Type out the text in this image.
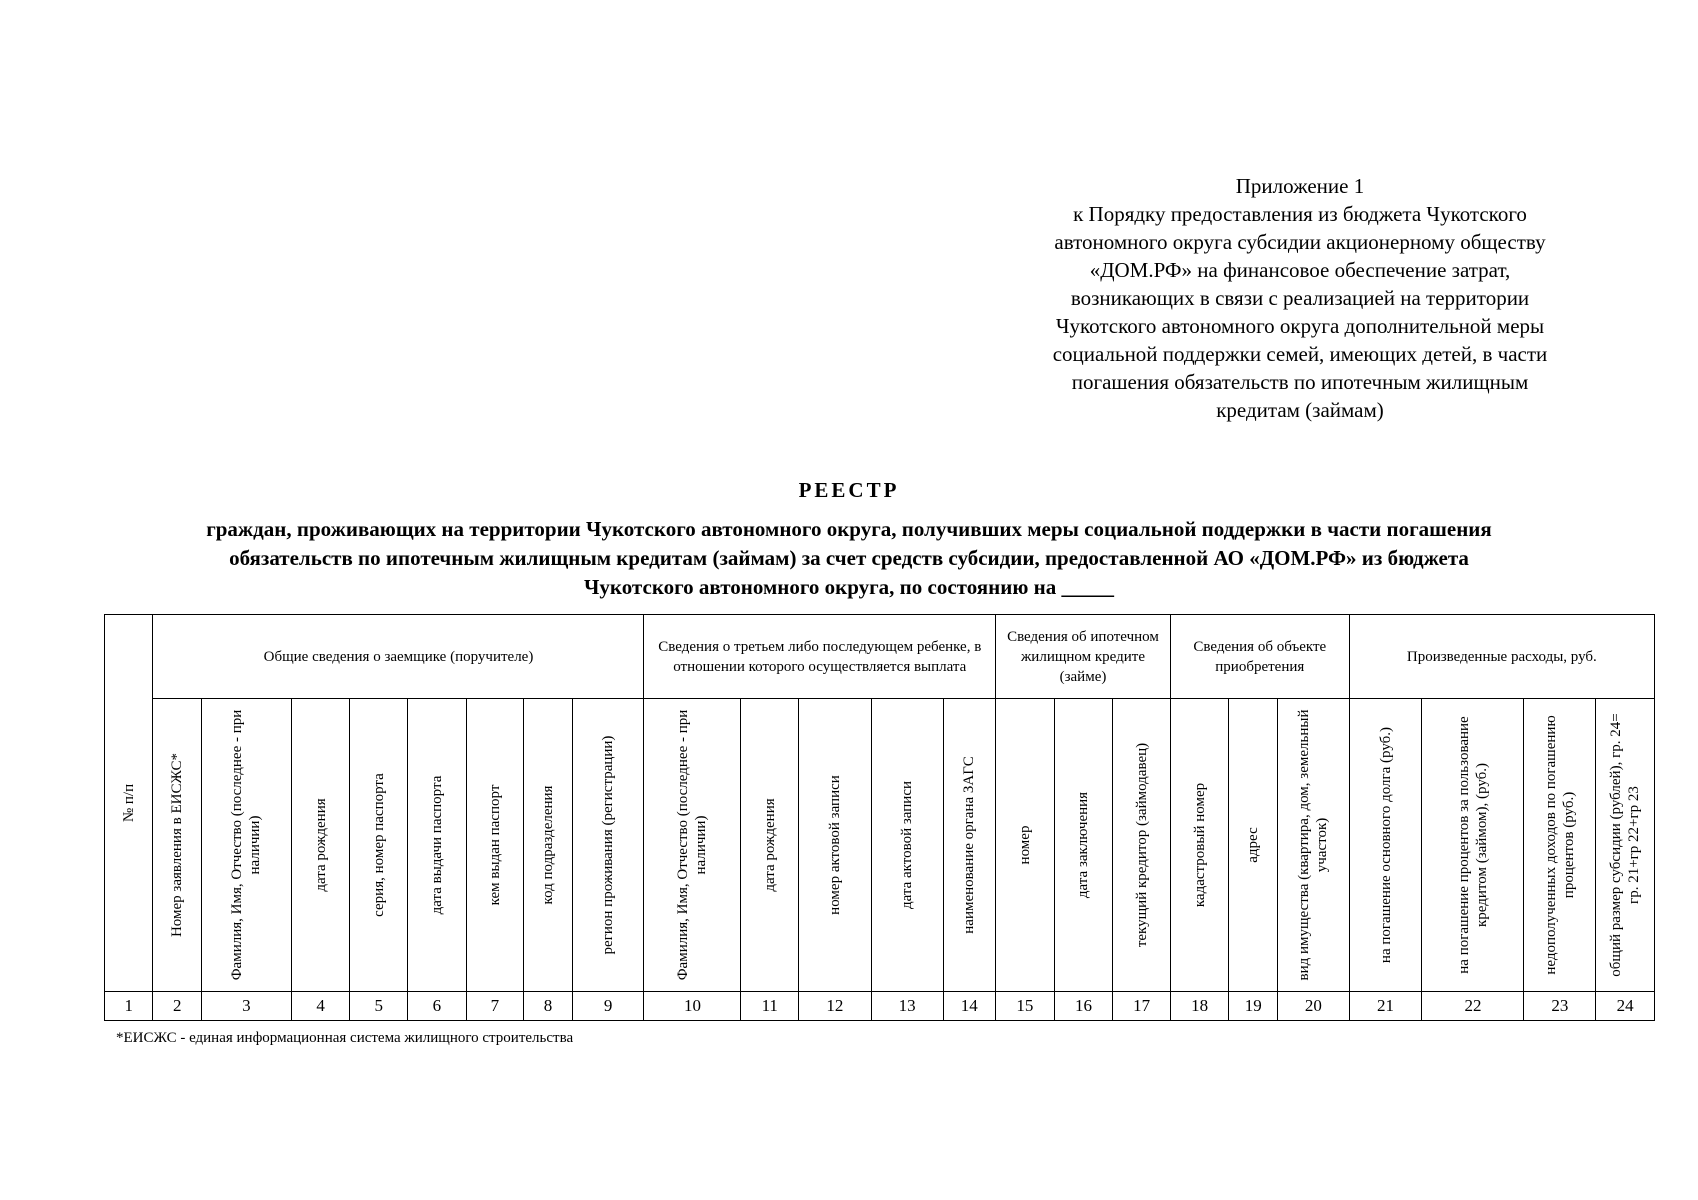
Приложение 1
к Порядку предоставления из бюджета Чукотского
автономного округа субсидии акционерному обществу
«ДОМ.РФ» на финансовое обеспечение затрат,
возникающих в связи с реализацией на территории
Чукотского автономного округа дополнительной меры
социальной поддержки семей, имеющих детей, в части
погашения обязательств по ипотечным жилищным
кредитам (займам)
РЕЕСТР
граждан, проживающих на территории Чукотского автономного округа, получивших меры социальной поддержки в части погашения
обязательств по ипотечным жилищным кредитам (займам) за счет средств субсидии, предоставленной АО «ДОМ.РФ» из бюджета
Чукотского автономного округа, по состоянию на _____
№ п/п	Общие сведения о заемщике (поручителе)								Сведения о третьем либо последующем ребенке, в отношении которого осуществляется выплата					Сведения об ипотечном жилищном кредите (займе)			Сведения об объекте приобретения			Произведенные расходы, руб.			

	Номер заявления в ЕИСЖС*	Фамилия, Имя, Отчество (последнее - при наличии)	дата рождения	серия, номер паспорта	дата выдачи паспорта	кем выдан паспорт	код подразделения	регион проживания (регистрации)	Фамилия, Имя, Отчество (последнее - при наличии)	дата рождения	номер актовой записи	дата актовой записи	наименование органа ЗАГС	номер	дата заключения	текущий кредитор (займодавец)	кадастровый номер	адрес	вид имущества (квартира, дом, земельный участок)	на погашение основного долга (руб.)	на погашение процентов за пользование кредитом (займом), (руб.)	недополученных доходов по погашению процентов (руб.)	общий размер субсидии (рублей), гр. 24= гр. 21+гр 22+гр 23

1	2	3	4	5	6	7	8	9	10	11	12	13	14	15	16	17	18	19	20	21	22	23	24
*ЕИСЖС - единая информационная система жилищного строительства
